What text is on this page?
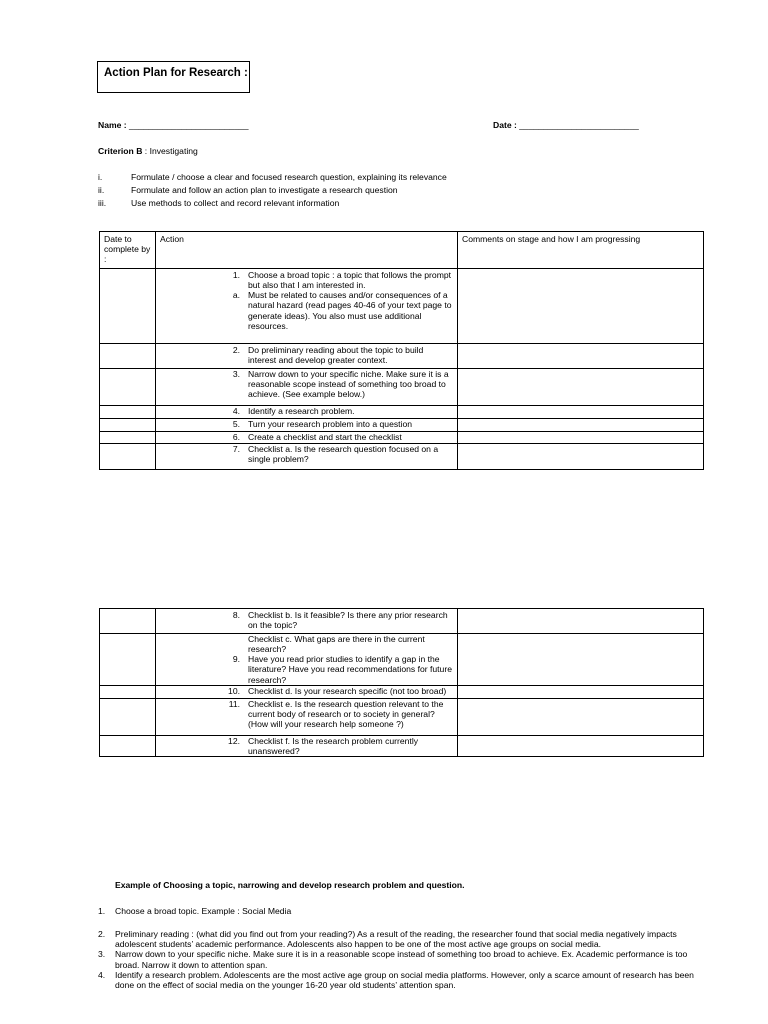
Action Plan for Research :
Name : _________________________	Date : _________________________
Criterion B : Investigating
i.	Formulate / choose a clear and focused research question, explaining its relevance
ii.	Formulate and follow an action plan to investigate a research question
iii.	Use methods to collect and record relevant information
Date to complete by :	Action	Comments on stage and how I am progressing

	1. Choose a broad topic : a topic that follows the prompt but also that I am interested in.
a. Must be related to causes and/or consequences of a natural hazard (read pages 40-46 of your text page to generate ideas). You also must use additional resources.	

	2. Do preliminary reading about the topic to build interest and develop greater context.	

	3. Narrow down to your specific niche. Make sure it is a reasonable scope instead of something too broad to achieve. (See example below.)	

	4. Identify a research problem.	

	5. Turn your research problem into a question	

	6. Create a checklist and start the checklist	

	7. Checklist a. Is the research question focused on a single problem?	

	8. Checklist b. Is it feasible? Is there any prior research on the topic?	

	Checklist c. What gaps are there in the current research?
9. Have you read prior studies to identify a gap in the literature? Have you read recommendations for future research?	

	10. Checklist d. Is your research specific (not too broad)	

	11. Checklist e. Is the research question relevant to the current body of research or to society in general? (How will your research help someone ?)	

	12. Checklist f. Is the research problem currently unanswered?	

Example of Choosing a topic, narrowing and develop research problem and question.
1.	Choose a broad topic. Example : Social Media
2.	Preliminary reading : (what did you find out from your reading?) As a result of the reading, the researcher found that social media negatively impacts adolescent students’ academic performance. Adolescents also happen to be one of the most active age groups on social media.
3.	Narrow down to your specific niche. Make sure it is in a reasonable scope instead of something too broad to achieve. Ex. Academic performance is too broad. Narrow it down to attention span.
4.	Identify a research problem. Adolescents are the most active age group on social media platforms. However, only a scarce amount of research has been done on the effect of social media on the younger 16-20 year old students’ attention span.
